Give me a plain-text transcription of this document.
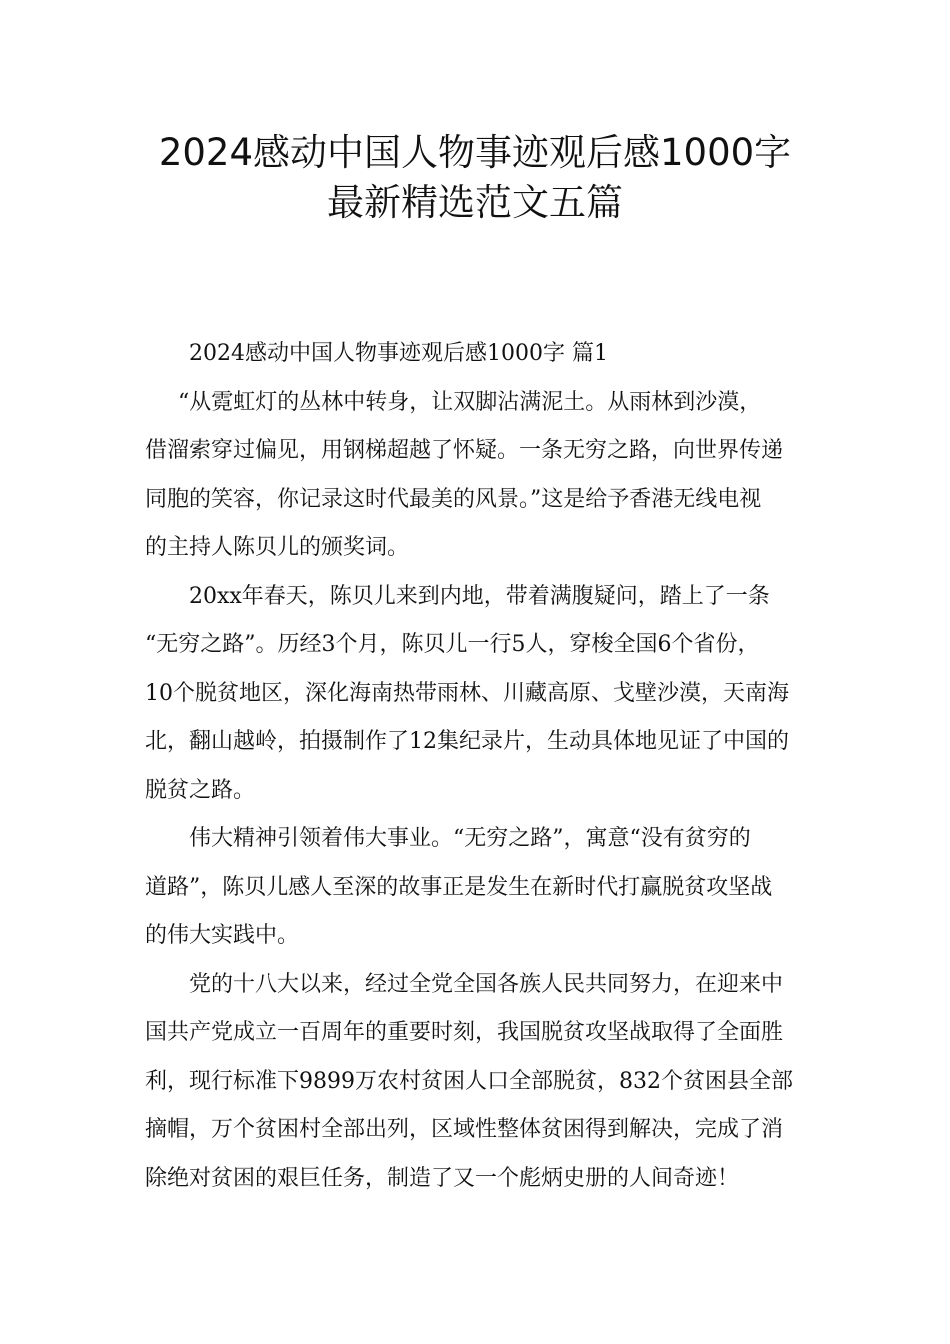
2024感动中国人物事迹观后感1000字
最新精选范文五篇
2024感动中国人物事迹观后感1000字 篇1
“从霓虹灯的丛林中转身，让双脚沾满泥土。从雨林到沙漠，
借溜索穿过偏见，用钢梯超越了怀疑。一条无穷之路，向世界传递
同胞的笑容，你记录这时代最美的风景。”这是给予香港无线电视
的主持人陈贝儿的颁奖词。
20xx年春天，陈贝儿来到内地，带着满腹疑问，踏上了一条
“无穷之路”。历经3个月，陈贝儿一行5人，穿梭全国6个省份，
10个脱贫地区，深化海南热带雨林、川藏高原、戈壁沙漠，天南海
北，翻山越岭，拍摄制作了12集纪录片，生动具体地见证了中国的
脱贫之路。
伟大精神引领着伟大事业。“无穷之路”，寓意“没有贫穷的
道路”，陈贝儿感人至深的故事正是发生在新时代打赢脱贫攻坚战
的伟大实践中。
党的十八大以来，经过全党全国各族人民共同努力，在迎来中
国共产党成立一百周年的重要时刻，我国脱贫攻坚战取得了全面胜
利，现行标准下9899万农村贫困人口全部脱贫，832个贫困县全部
摘帽，万个贫困村全部出列，区域性整体贫困得到解决，完成了消
除绝对贫困的艰巨任务，制造了又一个彪炳史册的人间奇迹！
